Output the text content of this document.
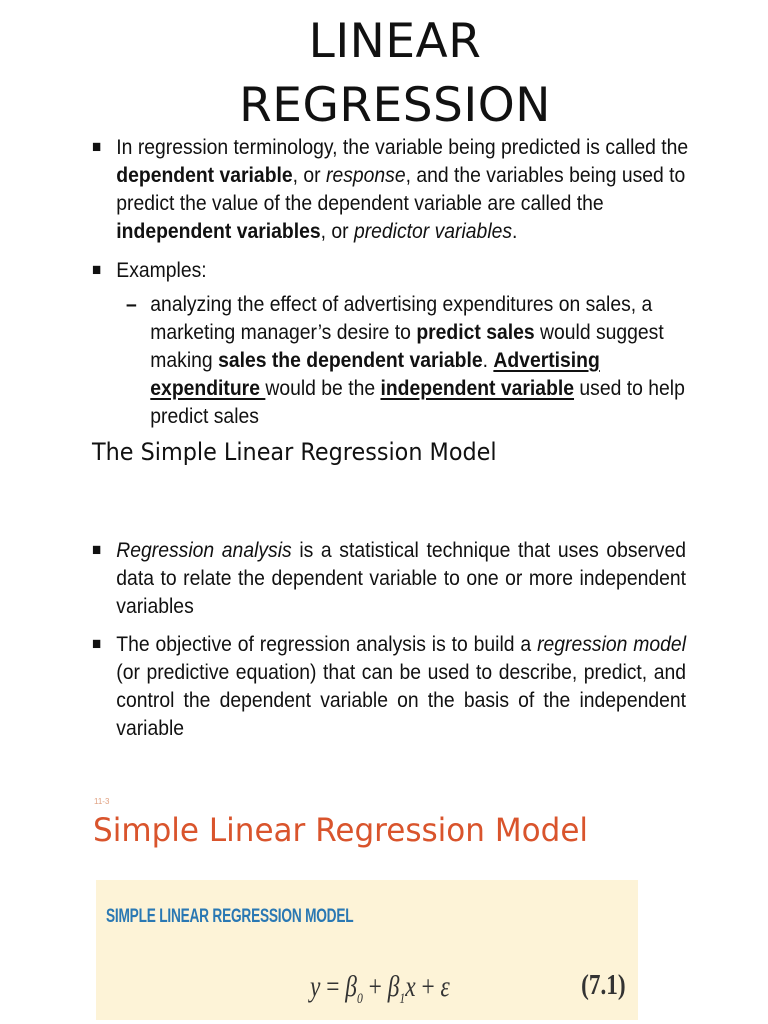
LINEAR
REGRESSION
■ In regression terminology, the variable being predicted is called the dependent variable, or response, and the variables being used to predict the value of the dependent variable are called the independent variables, or predictor variables.
■ Examples:
– analyzing the effect of advertising expenditures on sales, a marketing manager’s desire to predict sales would suggest making sales the dependent variable. Advertising expenditure would be the independent variable used to help predict sales
The Simple Linear Regression Model
■ Regression analysis is a statistical technique that uses observed data to relate the dependent variable to one or more independent variables
■ The objective of regression analysis is to build a regression model (or predictive equation) that can be used to describe, predict, and control the dependent variable on the basis of the independent variable
11-3
Simple Linear Regression Model
SIMPLE LINEAR REGRESSION MODEL
$y = \beta_0 + \beta_1x + \varepsilon$	(7.1)
